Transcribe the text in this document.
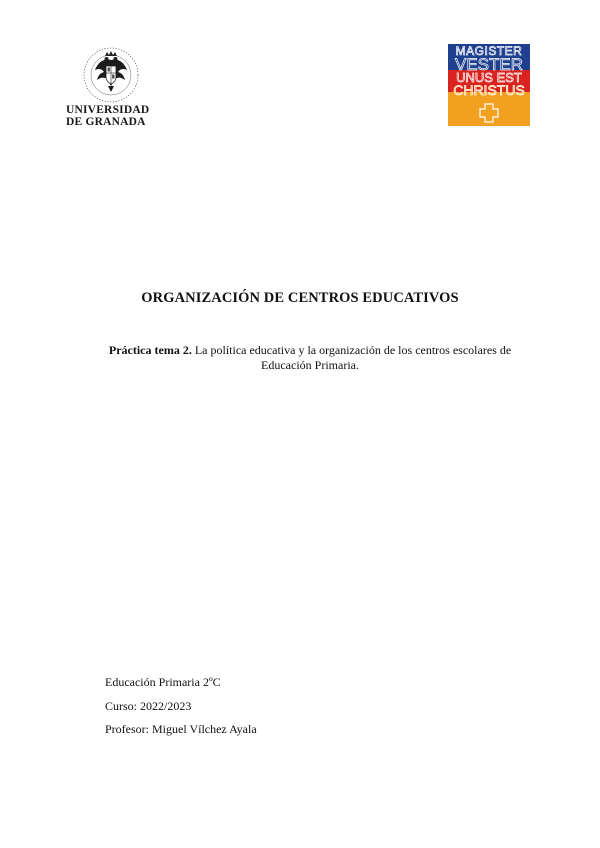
UNIVERSIDAD
DE GRANADA
MAGISTER
VESTER
UNUS EST
CHRISTUS
ORGANIZACIÓN DE CENTROS EDUCATIVOS
Práctica tema 2. La política educativa y la organización de los centros escolares de Educación Primaria.
Educación Primaria 2ºC
Curso: 2022/2023
Profesor: Miguel Vílchez Ayala
